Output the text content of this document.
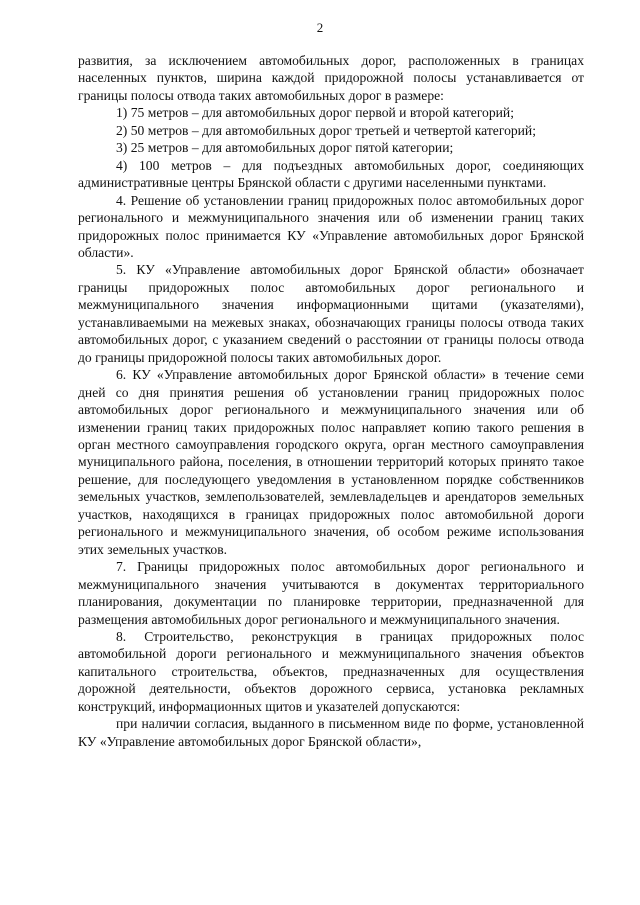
2

развития, за исключением автомобильных дорог, расположенных в границах населенных пунктов, ширина каждой придорожной полосы устанавливается от границы полосы отвода таких автомобильных дорог в размере:

1) 75 метров – для автомобильных дорог первой и второй категорий;

2) 50 метров – для автомобильных дорог третьей и четвертой категорий;

3) 25 метров – для автомобильных дорог пятой категории;

4) 100 метров – для подъездных автомобильных дорог, соединяющих административные центры Брянской области с другими населенными пунктами.

4. Решение об установлении границ придорожных полос автомобильных дорог регионального и межмуниципального значения или об изменении границ таких придорожных полос принимается КУ «Управление автомобильных дорог Брянской области».

5. КУ «Управление автомобильных дорог Брянской области» обозначает границы придорожных полос автомобильных дорог регионального и межмуниципального значения информационными щитами (указателями), устанавливаемыми на межевых знаках, обозначающих границы полосы отвода таких автомобильных дорог, с указанием сведений о расстоянии от границы полосы отвода до границы придорожной полосы таких автомобильных дорог.

6. КУ «Управление автомобильных дорог Брянской области» в течение семи дней со дня принятия решения об установлении границ придорожных полос автомобильных дорог регионального и межмуниципального значения или об изменении границ таких придорожных полос направляет копию такого решения в орган местного самоуправления городского округа, орган местного самоуправления муниципального района, поселения, в отношении территорий которых принято такое решение, для последующего уведомления в установленном порядке собственников земельных участков, землепользователей, землевладельцев и арендаторов земельных участков, находящихся в границах придорожных полос автомобильной дороги регионального и межмуниципального значения, об особом режиме использования этих земельных участков.

7. Границы придорожных полос автомобильных дорог регионального и межмуниципального значения учитываются в документах территориального планирования, документации по планировке территории, предназначенной для размещения автомобильных дорог регионального и межмуниципального значения.

8. Строительство, реконструкция в границах придорожных полос автомобильной дороги регионального и межмуниципального значения объектов капитального строительства, объектов, предназначенных для осуществления дорожной деятельности, объектов дорожного сервиса, установка рекламных конструкций, информационных щитов и указателей допускаются:

при наличии согласия, выданного в письменном виде по форме, установленной КУ «Управление автомобильных дорог Брянской области»,
